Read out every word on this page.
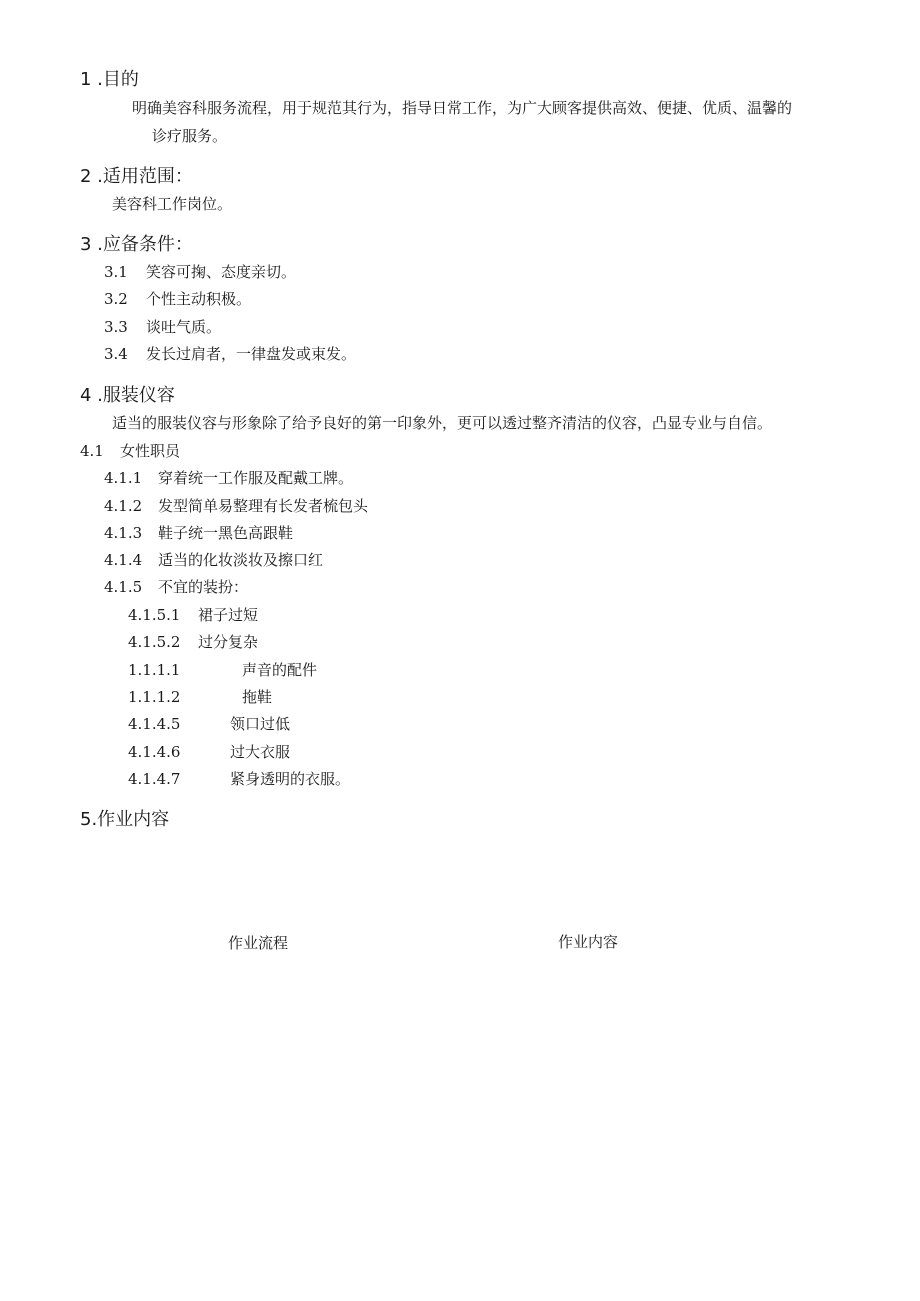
1 .目的
明确美容科服务流程，用于规范其行为，指导日常工作，为广大顾客提供高效、便捷、优质、温馨的
诊疗服务。
2 .适用范围：
美容科工作岗位。
3 .应备条件：
3.1 笑容可掬、态度亲切。
3.2 个性主动积极。
3.3 谈吐气质。
3.4 发长过肩者，一律盘发或束发。
4 .服装仪容
适当的服装仪容与形象除了给予良好的第一印象外，更可以透过整齐清洁的仪容，凸显专业与自信。
4.1 女性职员
4.1.1 穿着统一工作服及配戴工牌。
4.1.2 发型简单易整理有长发者梳包头
4.1.3 鞋子统一黑色高跟鞋
4.1.4 适当的化妆淡妆及擦口红
4.1.5 不宜的装扮：
4.1.5.1 裙子过短
4.1.5.2 过分复杂
1.1.1.1	声音的配件
1.1.1.2	拖鞋
4.1.4.5	领口过低
4.1.4.6	过大衣服
4.1.4.7	紧身透明的衣服。
5.作业内容
作业流程	作业内容
